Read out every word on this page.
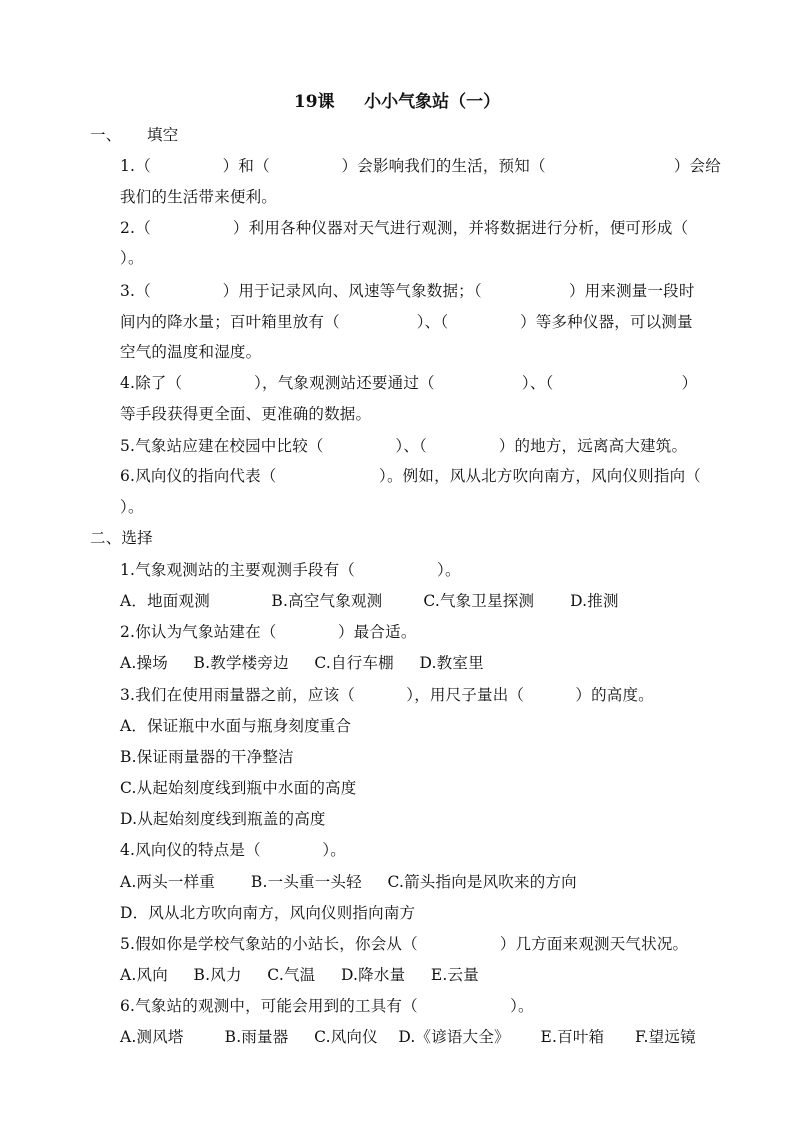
19课     小小气象站（一）
一、     填空
1.（              ）和（              ）会影响我们的生活，预知（                         ）会给
我们的生活带来便利。
2.（                ）利用各种仪器对天气进行观测，并将数据进行分析，便可形成（
）。
3.（              ）用于记录风向、风速等气象数据；（                 ）用来测量一段时
间内的降水量；百叶箱里放有（               ）、（              ）等多种仪器，可以测量
空气的温度和湿度。
4.除了（              ），气象观测站还要通过（                 ）、（                         ）
等手段获得更全面、更准确的数据。
5.气象站应建在校园中比较（              ）、（              ）的地方，远离高大建筑。
6.风向仪的指向代表（                    ）。例如，风从北方吹向南方，风向仪则指向（
）。
二、选择
1.气象观测站的主要观测手段有（                ）。
A．地面观测            B.高空气象观测        C.气象卫星探测       D.推测
2.你认为气象站建在（            ）最合适。
A.操场     B.教学楼旁边     C.自行车棚     D.教室里
3.我们在使用雨量器之前，应该（          ），用尺子量出（          ）的高度。
A．保证瓶中水面与瓶身刻度重合
B.保证雨量器的干净整洁
C.从起始刻度线到瓶中水面的高度
D.从起始刻度线到瓶盖的高度
4.风向仪的特点是（            ）。
A.两头一样重       B.一头重一头轻     C.箭头指向是风吹来的方向
D．风从北方吹向南方，风向仪则指向南方
5.假如你是学校气象站的小站长，你会从（                ）几方面来观测天气状况。
A.风向     B.风力     C.气温     D.降水量     E.云量
6.气象站的观测中，可能会用到的工具有（                  ）。
A.测风塔        B.雨量器     C.风向仪    D.《谚语大全》      E.百叶箱      F.望远镜
